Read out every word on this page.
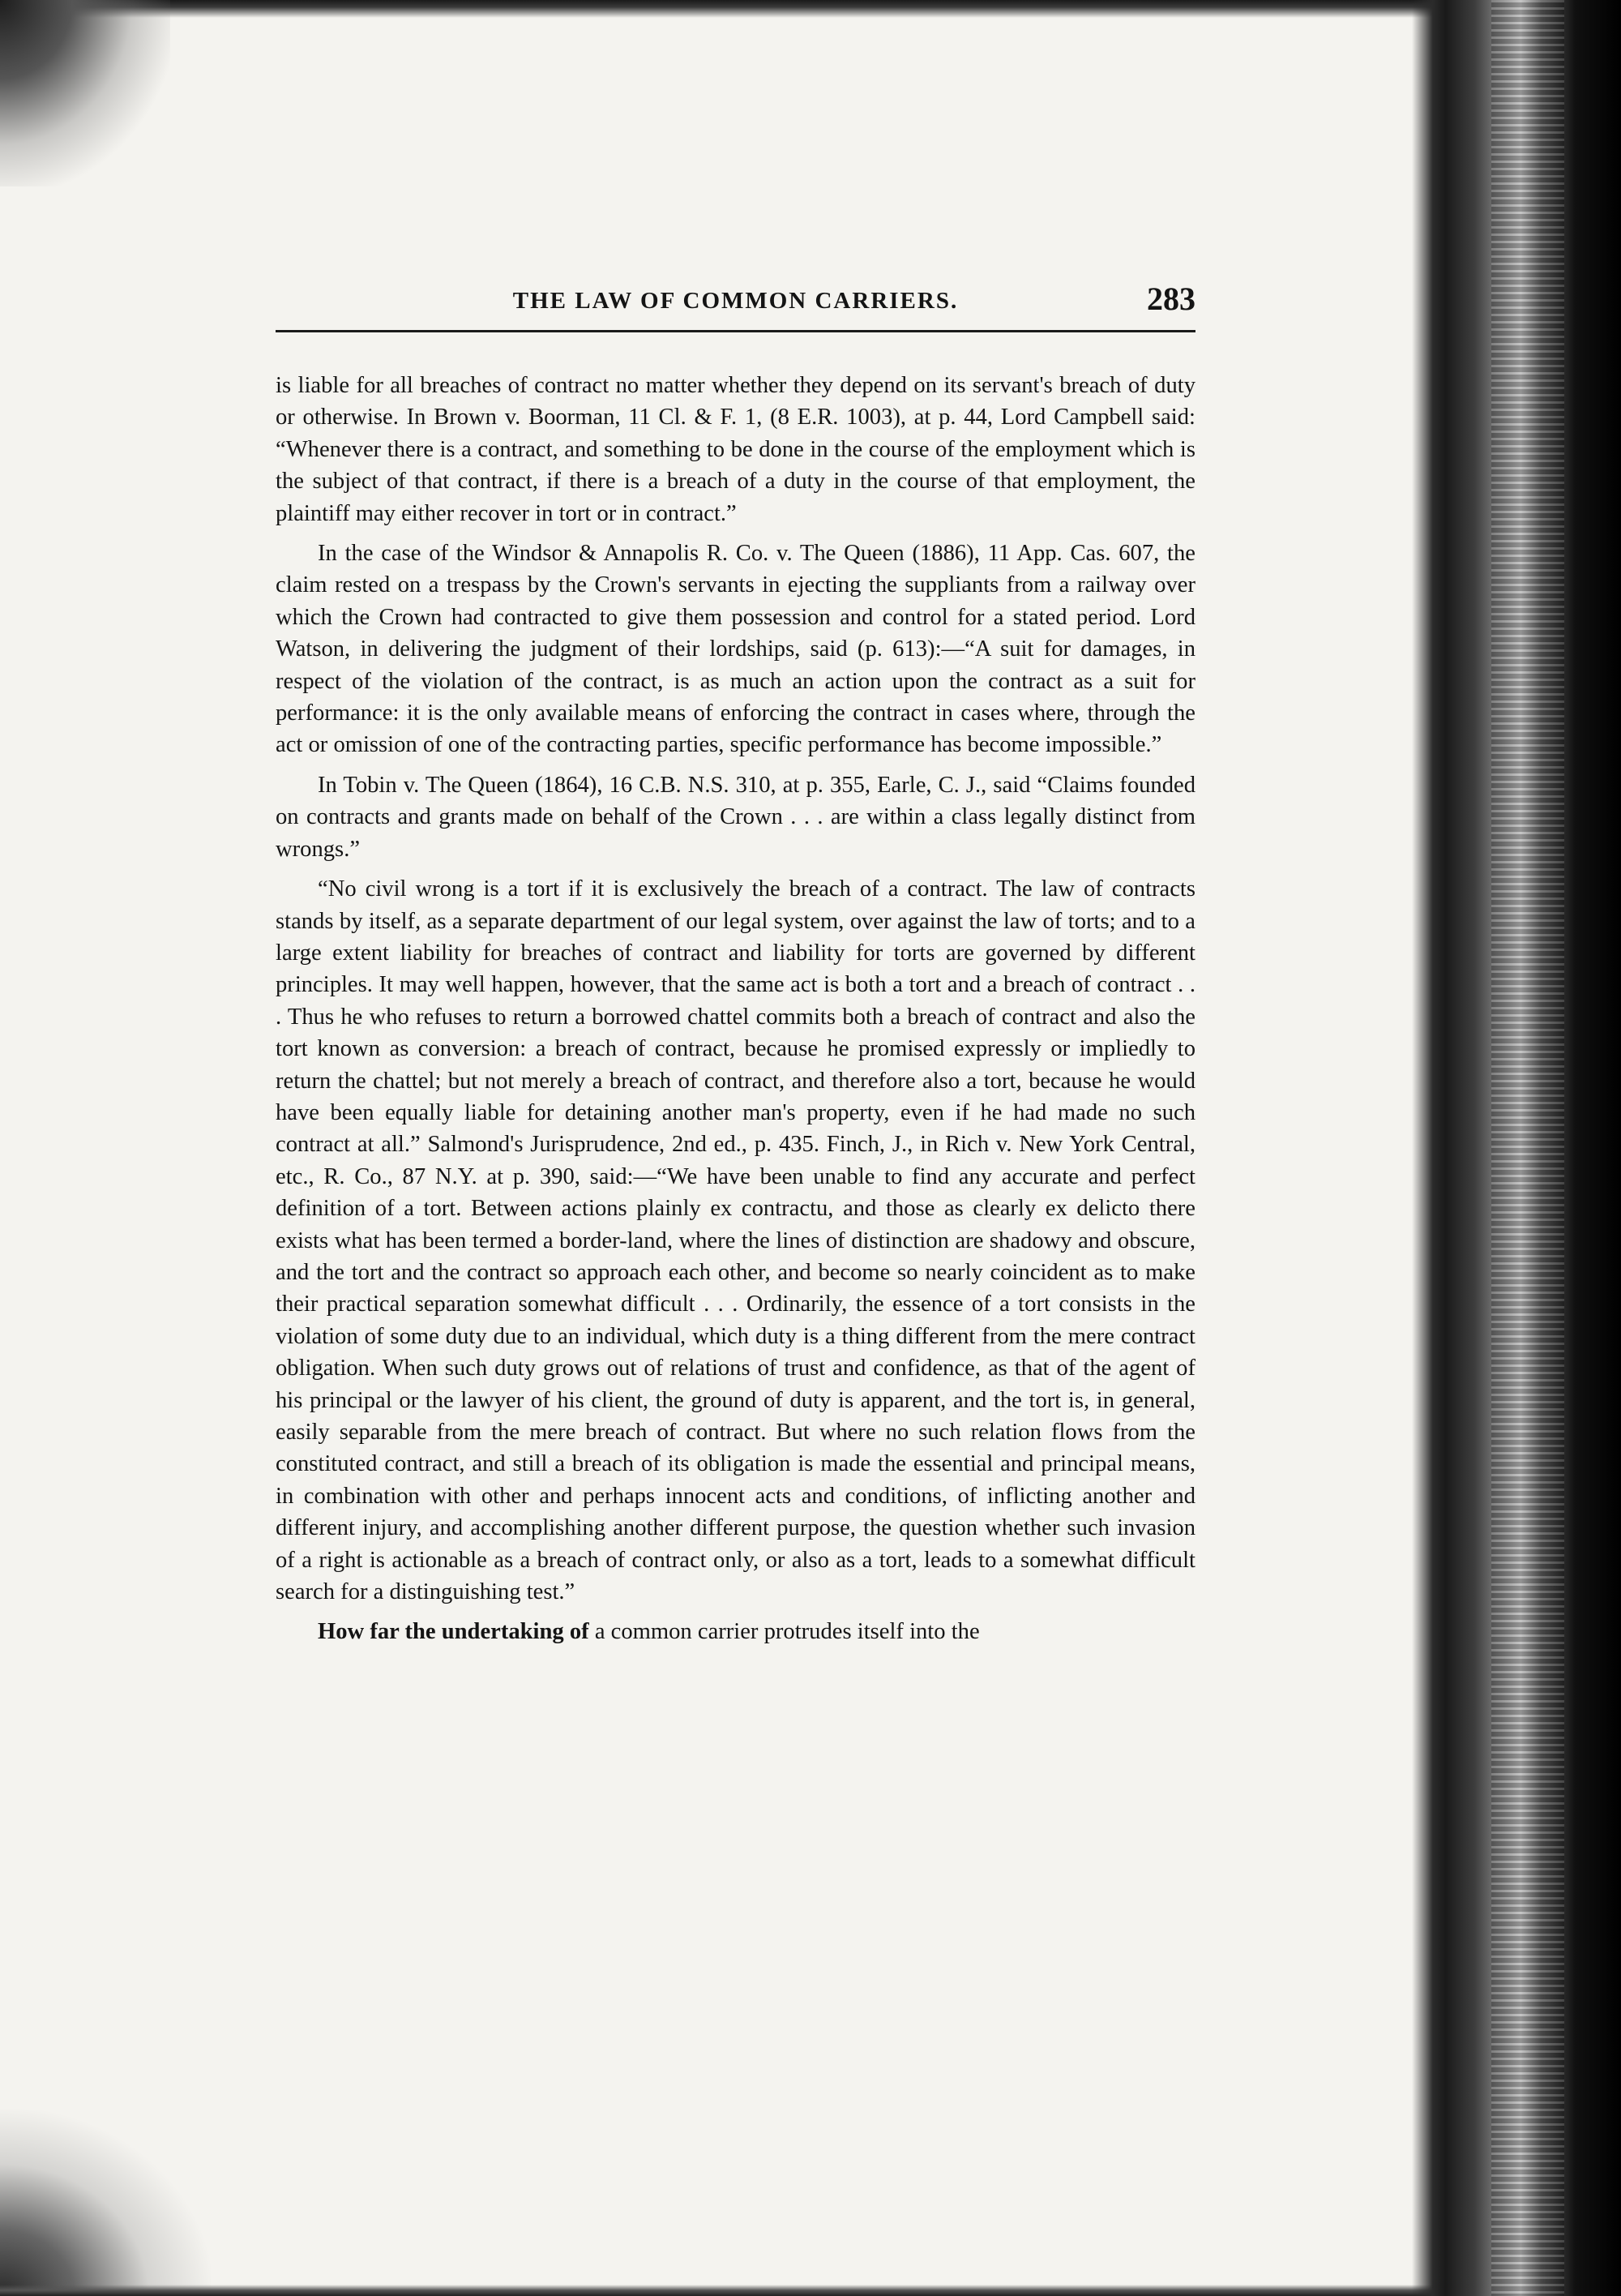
THE LAW OF COMMON CARRIERS.	283

is liable for all breaches of contract no matter whether they depend on its servant's breach of duty or otherwise. In Brown v. Boorman, 11 Cl. & F. 1, (8 E.R. 1003), at p. 44, Lord Campbell said: “Whenever there is a contract, and something to be done in the course of the employment which is the subject of that contract, if there is a breach of a duty in the course of that employment, the plaintiff may either recover in tort or in contract.”

In the case of the Windsor & Annapolis R. Co. v. The Queen (1886), 11 App. Cas. 607, the claim rested on a trespass by the Crown's servants in ejecting the suppliants from a railway over which the Crown had contracted to give them possession and control for a stated period. Lord Watson, in delivering the judgment of their lordships, said (p. 613):—“A suit for damages, in respect of the violation of the contract, is as much an action upon the contract as a suit for performance: it is the only available means of enforcing the contract in cases where, through the act or omission of one of the contracting parties, specific performance has become impossible.”

In Tobin v. The Queen (1864), 16 C.B. N.S. 310, at p. 355, Earle, C. J., said “Claims founded on contracts and grants made on behalf of the Crown . . . are within a class legally distinct from wrongs.”

“No civil wrong is a tort if it is exclusively the breach of a contract. The law of contracts stands by itself, as a separate department of our legal system, over against the law of torts; and to a large extent liability for breaches of contract and liability for torts are governed by different principles. It may well happen, however, that the same act is both a tort and a breach of contract . . . Thus he who refuses to return a borrowed chattel commits both a breach of contract and also the tort known as conversion: a breach of contract, because he promised expressly or impliedly to return the chattel; but not merely a breach of contract, and therefore also a tort, because he would have been equally liable for detaining another man's property, even if he had made no such contract at all.” Salmond's Jurisprudence, 2nd ed., p. 435. Finch, J., in Rich v. New York Central, etc., R. Co., 87 N.Y. at p. 390, said:—“We have been unable to find any accurate and perfect definition of a tort. Between actions plainly ex contractu, and those as clearly ex delicto there exists what has been termed a border-land, where the lines of distinction are shadowy and obscure, and the tort and the contract so approach each other, and become so nearly coincident as to make their practical separation somewhat difficult . . . Ordinarily, the essence of a tort consists in the violation of some duty due to an individual, which duty is a thing different from the mere contract obligation. When such duty grows out of relations of trust and confidence, as that of the agent of his principal or the lawyer of his client, the ground of duty is apparent, and the tort is, in general, easily separable from the mere breach of contract. But where no such relation flows from the constituted contract, and still a breach of its obligation is made the essential and principal means, in combination with other and perhaps innocent acts and conditions, of inflicting another and different injury, and accomplishing another different purpose, the question whether such invasion of a right is actionable as a breach of contract only, or also as a tort, leads to a somewhat difficult search for a distinguishing test.”

How far the undertaking of a common carrier protrudes itself into the
